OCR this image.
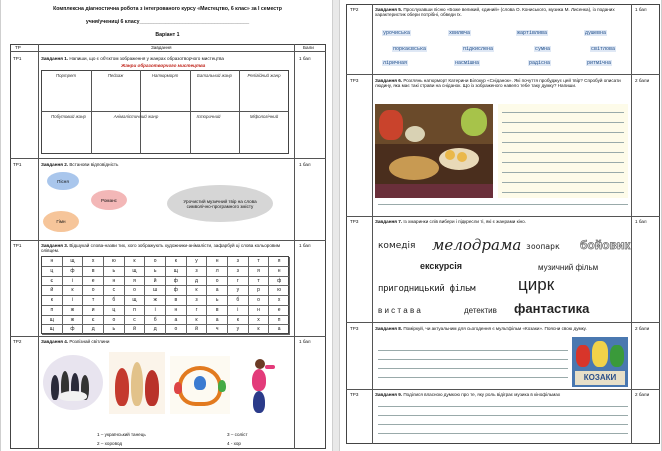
Комплексна діагностична робота з інтегрованого курсу «Мистецтво, 6 клас» за І семестр
учня/учениці 6 класу______________________________________
Варіант 1
ТР	Завдання	Бали
ТР1	Завдання 1. Напиши, що є об'єктом зображення у жанрах образотворчого мистецтва
Жанри образотворчого мистецтва
1 бал
Портрет	Пейзаж	Натюрморт	Батальний жанр	Релігійний жанр
Побутовий жанр	Анімалістичний жанр	Історичний	Міфологічний
ТР1	Завдання 2. Встанови відповідність	1 бал
Пісня
Романс
Гімн
Урочистий музичний твір на слова символічно-програмного змісту
ТР1	Завдання 3. Відшукай слова-назви тих, хого зображують художники-анімалісти, зафарбуй ці слова кольоровим олівцем.
1 бал
н	щ	х	ю	к	о	к	у	н	з	т	я
ц	ф	в	ь	щ	ь	щ	з	л	з	я	н
є	і	е	н	я	й	ф	д	о	г	т	ф
й	к	о	с	о	ш	ф	к	а	у	р	ю
к	і	т	б	щ	ж	в	з	ь	б	о	х
п	ж	и	ц	п	і	н	г	в	і	н	е
щ	ж	є	о	с	б	а	к	а	к	х	п
щ	ф	д	ь	й	д	о	й	ч	у	к	а
ТР2	Завдання 4. Розпізнай світлини	1 бал
1 – український танець	3 – соліст
2 – хоровод	4 - хор
ТР2	Завдання 5. Прослухавши пісню «Боже великий, єдиний» (слова О. Кониського, музика М. Лисенка), із поданих характеристик обери потрібні, обведи їх.
1 бал
урочиська	хвилюча	жартівлива	душевна
поркаєвська	підкислена	сумна	світлова
ліричная	насмішна	радісна	ритмічна
ТР3	Завдання 6. Розглянь натюрморт Катерини Білокур «Сніданок». Які почуття пробуджує цей твір? Спробуй описати людину, яка має такі страви на сніданок. Що із зображеного навело тебе таку думку? Напиши.
2 бали
ТР3	Завдання 7. Із хмаринки слів вибери і підкресли ті, які є жанрами кіно.	1 бал
комедія мелодрама зоопарк бойовик
екскурсія	музичний фільм
пригодницький фільм	цирк
в и с т а в а	детектив фантастика
ТР3	Завдання 8. Поміркуй, чи актуальним для сьогодення є мультфільм «Козаки». Поясни свою думку.	2 бали
КОЗАКИ
ТР3	Завдання 9. Поділися власною думкою про те, яку роль відіграє музика в кінофільмах	2 бали
